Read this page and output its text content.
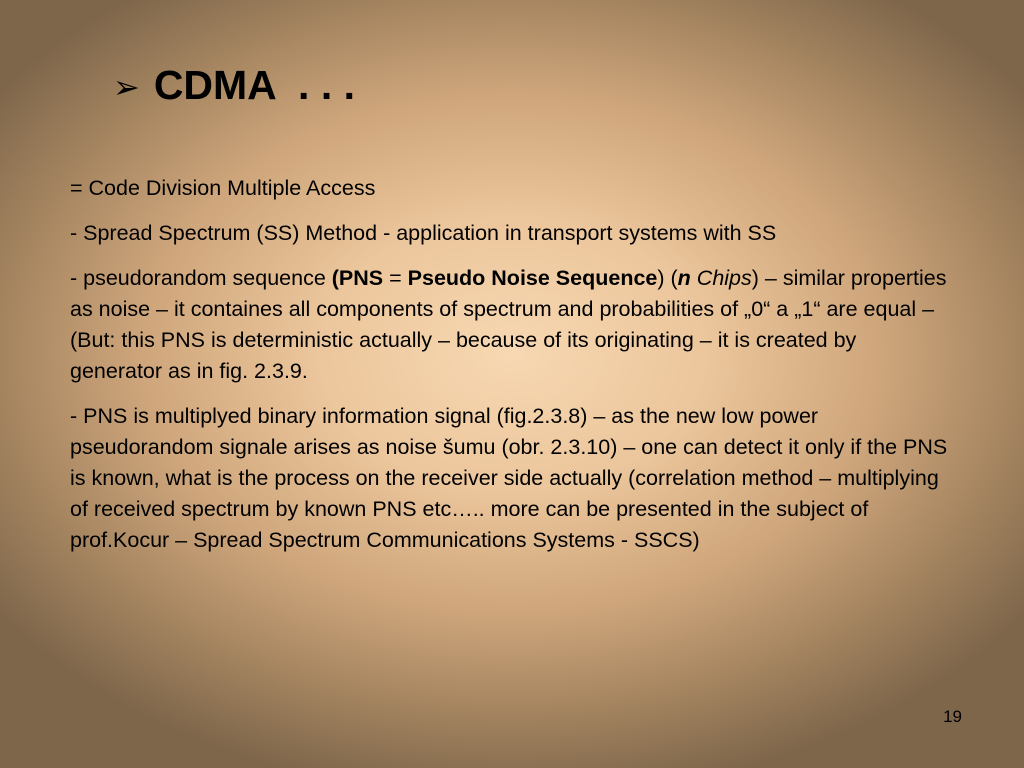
➢ CDMA  . . .

= Code Division Multiple Access

- Spread Spectrum (SS) Method - application in transport systems with SS

- pseudorandom sequence (PNS = Pseudo Noise Sequence) (n Chips) – similar properties as noise – it containes all components of spectrum and probabilities of „0“ a „1“ are equal – (But: this PNS is deterministic actually – because of its originating – it is created by generator as in fig. 2.3.9.

- PNS is multiplyed binary information signal (fig.2.3.8) – as the new low power pseudorandom signale arises as noise šumu (obr. 2.3.10) – one can detect it only if the PNS is known, what is the process on the receiver side actually (correlation method – multiplying of received spectrum by known PNS etc….. more can be presented in the subject of prof.Kocur – Spread Spectrum Communications Systems - SSCS)

19
